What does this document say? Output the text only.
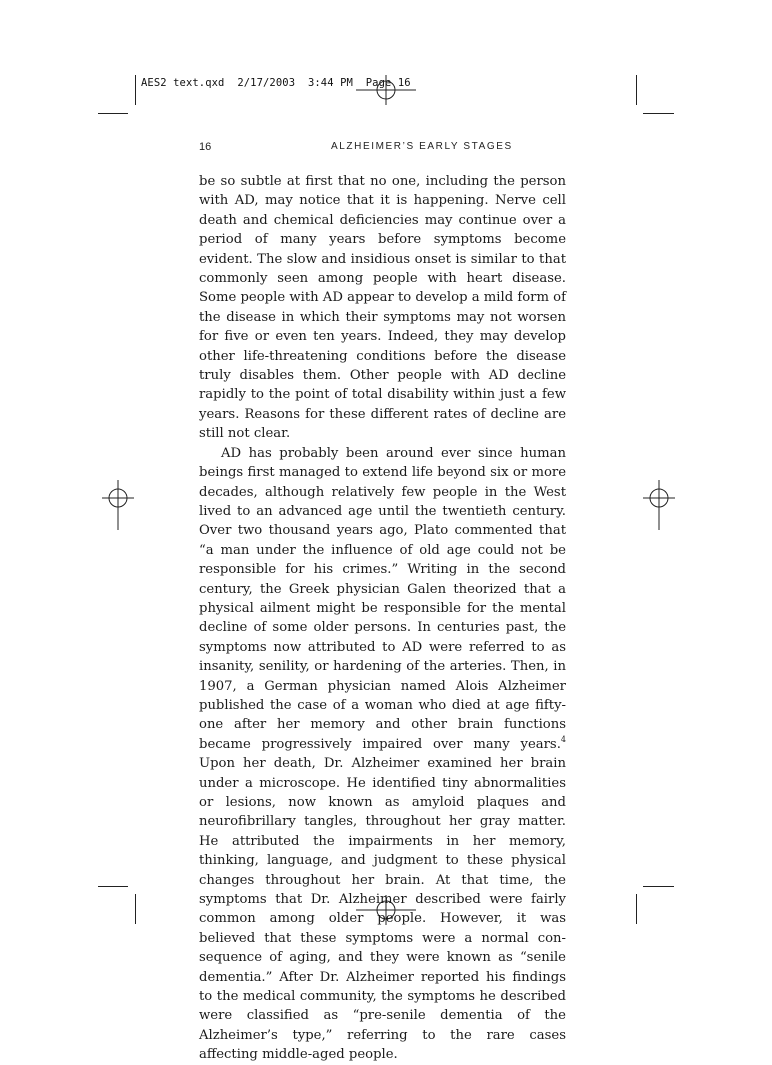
AES2 text.qxd 2/17/2003 3:44 PM Page 16
16	ALZHEIMER’S EARLY STAGES

be so subtle at first that no one, including the person with AD, may notice that it is happening. Nerve cell death and chemical deficiencies may continue over a period of many years before symptoms become evident. The slow and insidious onset is similar to that commonly seen among people with heart disease. Some people with AD appear to develop a mild form of the disease in which their symptoms may not worsen for five or even ten years. Indeed, they may develop other life-threatening conditions before the disease truly disables them. Other people with AD decline rapidly to the point of total disability within just a few years. Reasons for these different rates of decline are still not clear.

AD has probably been around ever since human beings first managed to extend life beyond six or more decades, although relatively few people in the West lived to an advanced age until the twentieth century. Over two thousand years ago, Plato commented that “a man under the influence of old age could not be responsible for his crimes.” Writing in the second century, the Greek physician Galen theorized that a physical ailment might be responsible for the mental decline of some older persons. In centuries past, the symptoms now attributed to AD were referred to as insanity, senility, or hardening of the arteries. Then, in 1907, a German physician named Alois Alzheimer published the case of a woman who died at age fifty-one after her memory and other brain functions became progressively impaired over many years.$^4$ Upon her death, Dr. Alzheimer examined her brain under a microscope. He identified tiny abnormalities or lesions, now known as amyloid plaques and neurofibrillary tangles, throughout her gray matter. He attributed the impairments in her memory, thinking, language, and judgment to these physical changes throughout her brain. At that time, the symptoms that Dr. Alzheimer described were fairly common among older people. However, it was believed that these symptoms were a normal consequence of aging, and they were known as “senile dementia.” After Dr. Alzheimer reported his findings to the medical community, the symptoms he described were classified as “pre-senile dementia of the Alzheimer’s type,” referring to the rare cases affecting middle-aged people.
